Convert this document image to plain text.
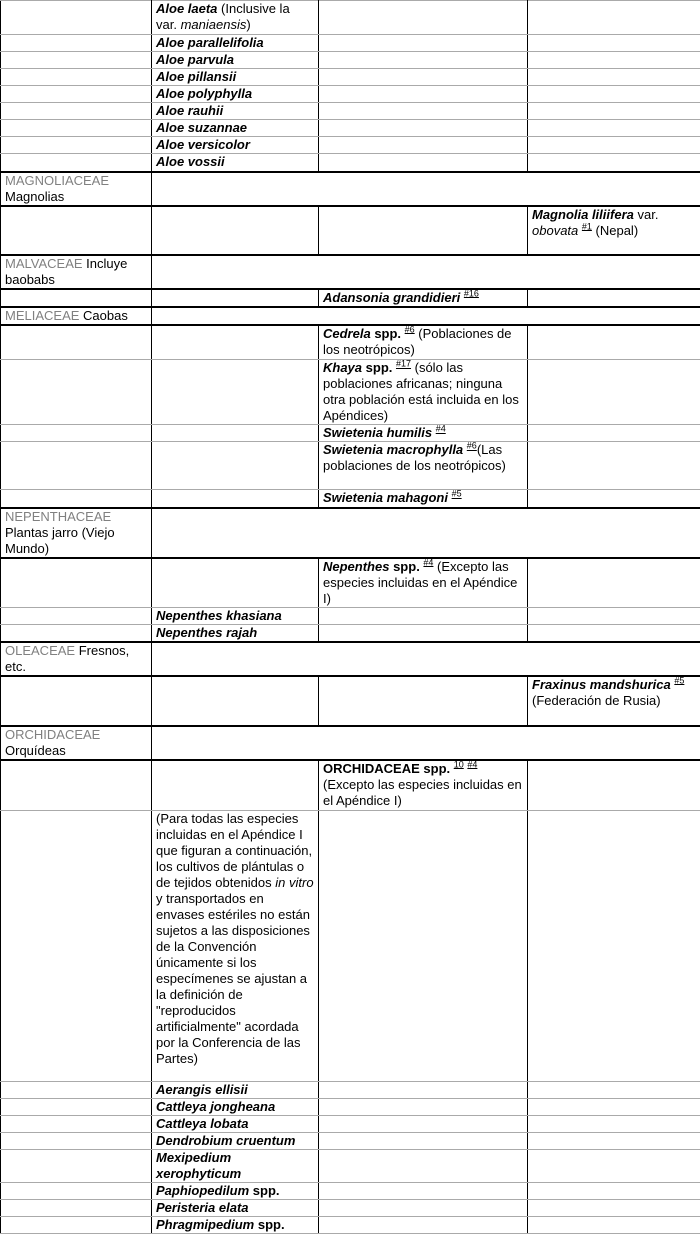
	Aloe laeta (Inclusive la var. maniaensis)		
	Aloe parallelifolia		
	Aloe parvula		
	Aloe pillansii		
	Aloe polyphylla		
	Aloe rauhii		
	Aloe suzannae		
	Aloe versicolor		
	Aloe vossii		
MAGNOLIACEAE Magnolias			
			Magnolia liliifera var. obovata $^{\#1}$ (Nepal)
MALVACEAE Incluye baobabs			
		Adansonia grandidieri $^{\#16}$	
MELIACEAE Caobas			
		Cedrela spp. $^{\#6}$ (Poblaciones de los neotrópicos)	
		Khaya spp. $^{\#17}$ (sólo las poblaciones africanas; ninguna otra población está incluida en los Apéndices)	
		Swietenia humilis $^{\#4}$	
		Swietenia macrophylla $^{\#6}$(Las poblaciones de los neotrópicos)	
		Swietenia mahagoni $^{\#5}$	
NEPENTHACEAE Plantas jarro (Viejo Mundo)			
		Nepenthes spp. $^{\#4}$ (Excepto las especies incluidas en el Apéndice I)	
	Nepenthes khasiana		
	Nepenthes rajah		
OLEACEAE Fresnos, etc.			
			Fraxinus mandshurica $^{\#5}$ (Federación de Rusia)
ORCHIDACEAE Orquídeas			
		ORCHIDACEAE spp. $^{10}$ $^{\#4}$ (Excepto las especies incluidas en el Apéndice I)	
	(Para todas las especies incluidas en el Apéndice I que figuran a continuación, los cultivos de plántulas o de tejidos obtenidos in vitro y transportados en envases estériles no están sujetos a las disposiciones de la Convención únicamente si los especímenes se ajustan a la definición de "reproducidos artificialmente" acordada por la Conferencia de las Partes)		
	Aerangis ellisii		
	Cattleya jongheana		
	Cattleya lobata		
	Dendrobium cruentum		
	Mexipedium xerophyticum		
	Paphiopedilum spp.		
	Peristeria elata		
	Phragmipedium spp.		
